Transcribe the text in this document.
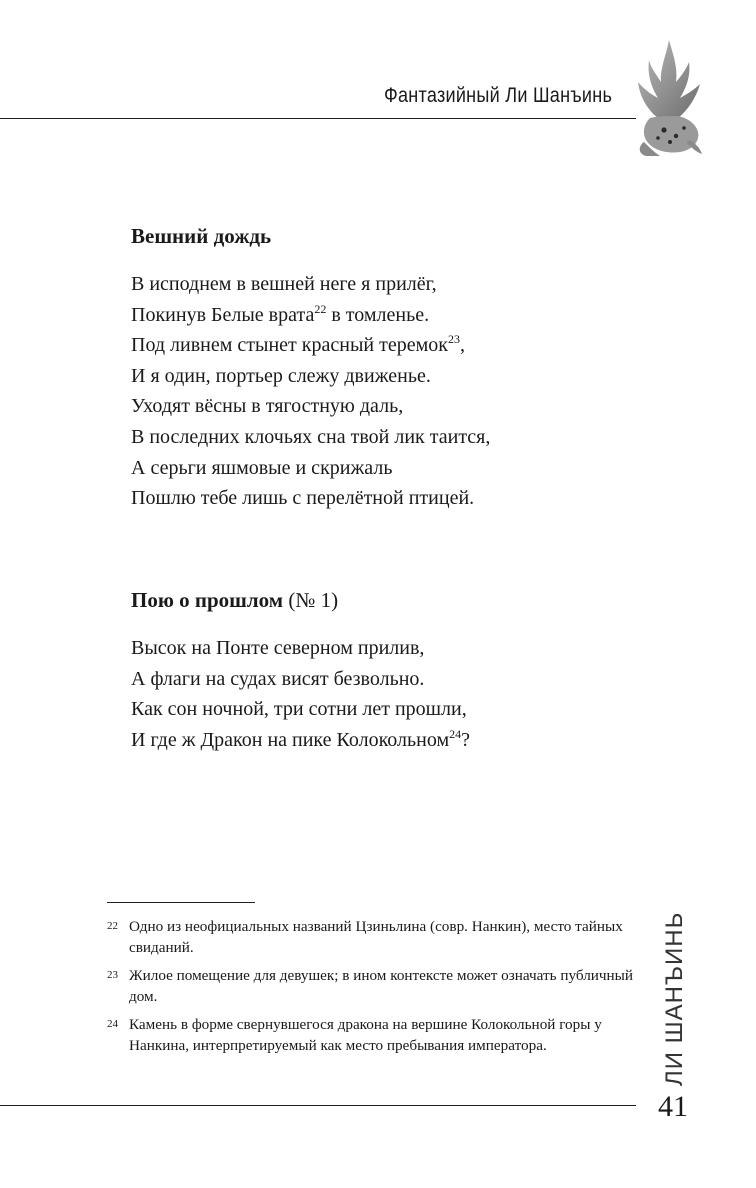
Фантазийный Ли Шанъинь
Вешний дождь
В исподнем в вешней неге я прилёг,
Покинув Белые врата$^{22}$ в томленье.
Под ливнем стынет красный теремок$^{23}$,
И я один, портьер слежу движенье.
Уходят вёсны в тягостную даль,
В последних клочьях сна твой лик таится,
А серьги яшмовые и скрижаль
Пошлю тебе лишь с перелётной птицей.
Пою о прошлом (№ 1)
Высок на Понте северном прилив,
А флаги на судах висят безвольно.
Как сон ночной, три сотни лет прошли,
И где ж Дракон на пике Колокольном$^{24}$?
22 Одно из неофициальных названий Цзиньлина (совр. Нанкин), место тайных свиданий.
23 Жилое помещение для девушек; в ином контексте может означать публичный дом.
24 Камень в форме свернувшегося дракона на вершине Колокольной горы у Нанкина, интерпретируемый как место пребывания императора.	ЛИ ШАНЪИНЬ
41
